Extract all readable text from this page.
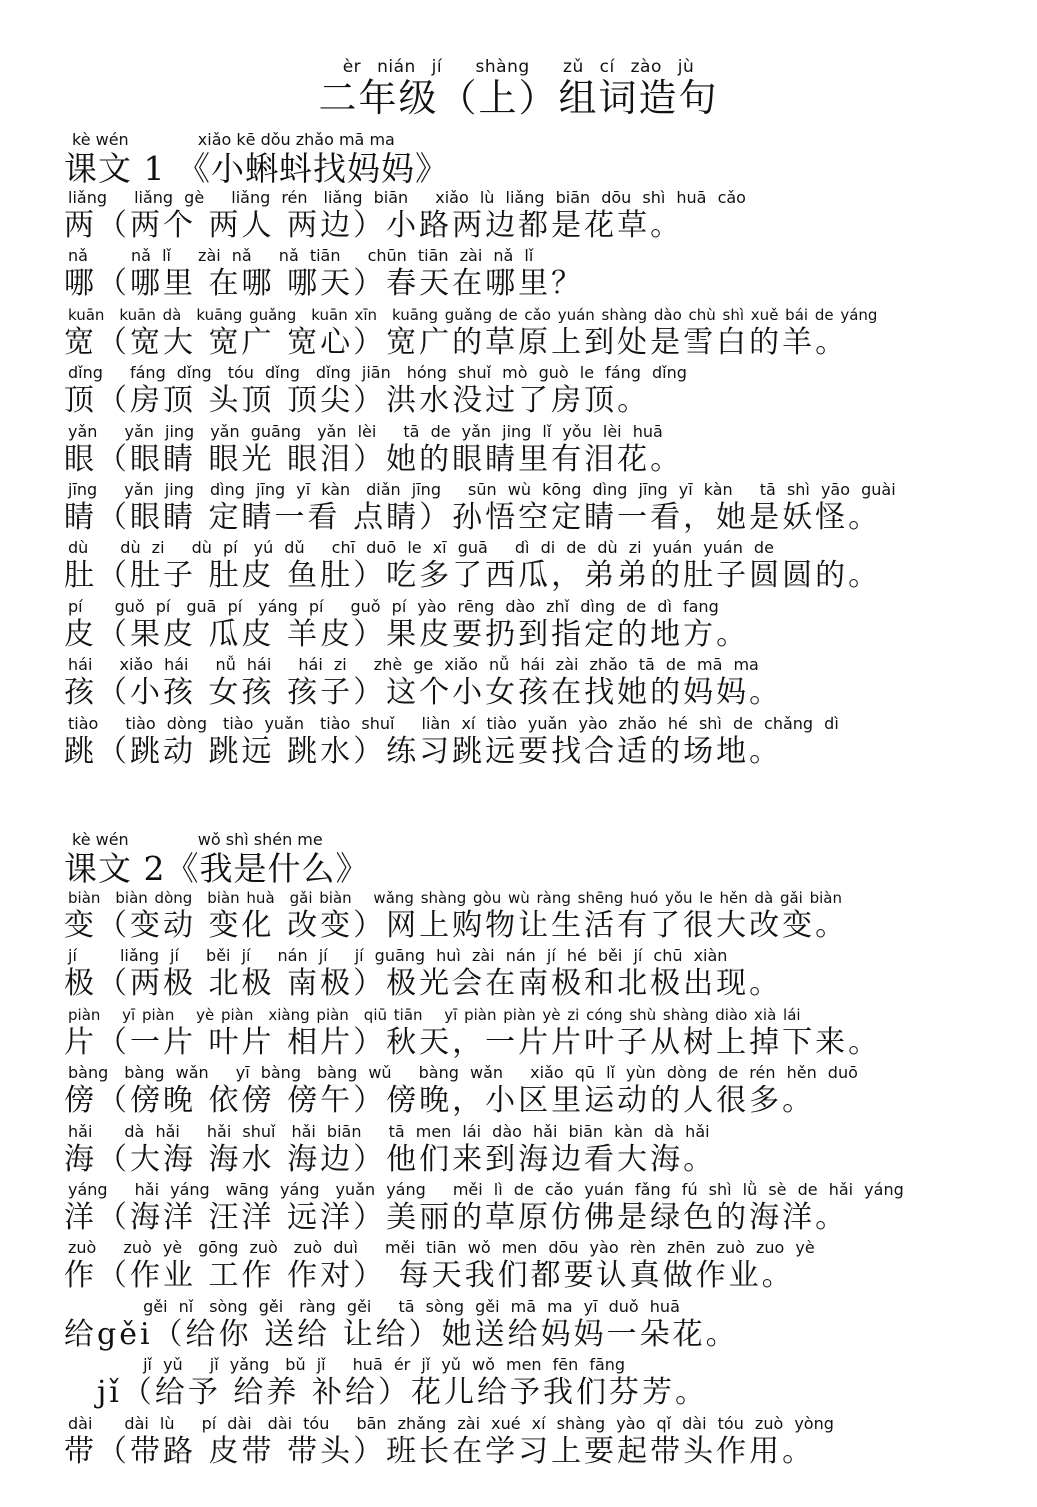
èr nián jí　 shàng　 zǔ cí zào jù
二年级（上）组词造句
kè wén　　　　 xiǎo kē dǒu zhǎo mā ma
课文 1 《小蝌蚪找妈妈》
liǎng　 liǎng gè　 liǎng rén　liǎng biān　 xiǎo lù liǎng biān dōu shì huā cǎo
两（两个 两人 两边）小路两边都是花草。
nǎ　　 nǎ lǐ　 zài nǎ　 nǎ tiān　 chūn tiān zài nǎ lǐ
哪（哪里 在哪 哪天）春天在哪里？
kuān　kuān dà　kuāng guǎng　kuān xīn　kuāng guǎng de cǎo yuán shàng dào chù shì xuě bái de yáng
宽（宽大 宽广 宽心）宽广的草原上到处是雪白的羊。
dǐng　 fáng dǐng　tóu dǐng　dǐng jiān　hóng shuǐ mò guò le fáng dǐng
顶（房顶 头顶 顶尖）洪水没过了房顶。
yǎn　 yǎn jing　yǎn guāng　yǎn lèi　 tā de yǎn jing lǐ yǒu lèi huā
眼（眼睛 眼光 眼泪）她的眼睛里有泪花。
jīng　 yǎn jing　dìng jīng yī kàn　diǎn jīng　 sūn wù kōng dìng jīng yī kàn　 tā shì yāo guài
睛（眼睛 定睛一看 点睛）孙悟空定睛一看，她是妖怪。
dù　　dù zi　 dù pí　yú dǔ　 chī duō le xī guā　 dì di de dù zi yuán yuán de
肚（肚子 肚皮 鱼肚）吃多了西瓜，弟弟的肚子圆圆的。
pí　　guǒ pí　guā pí　yáng pí　 guǒ pí yào rēng dào zhǐ dìng de dì fang
皮（果皮 瓜皮 羊皮）果皮要扔到指定的地方。
hái　 xiǎo hái　 nǚ hái　 hái zi　 zhè ge xiǎo nǚ hái zài zhǎo tā de mā ma
孩（小孩 女孩 孩子）这个小女孩在找她的妈妈。
tiào　 tiào dòng　tiào yuǎn　tiào shuǐ　 liàn xí tiào yuǎn yào zhǎo hé shì de chǎng dì
跳（跳动 跳远 跳水）练习跳远要找合适的场地。
kè wén　　　　 wǒ shì shén me
课文 2《我是什么》
biàn　biàn dòng　biàn huà　gǎi biàn　 wǎng shàng gòu wù ràng shēng huó yǒu le hěn dà gǎi biàn
变（变动 变化 改变）网上购物让生活有了很大改变。
jí　　 liǎng jí　 běi jí　 nán jí　 jí guāng huì zài nán jí hé běi jí chū xiàn
极（两极 北极 南极）极光会在南极和北极出现。
piàn　 yī piàn　 yè piàn　xiàng piàn　qiū tiān　 yī piàn piàn yè zi cóng shù shàng diào xià lái
片（一片 叶片 相片）秋天，一片片叶子从树上掉下来。
bàng　bàng wǎn　 yī bàng　bàng wǔ　 bàng wǎn　 xiǎo qū lǐ yùn dòng de rén hěn duō
傍（傍晚 依傍 傍午）傍晚，小区里运动的人很多。
hǎi　　dà hǎi　 hǎi shuǐ　hǎi biān　 tā men lái dào hǎi biān kàn dà hǎi
海（大海 海水 海边）他们来到海边看大海。
yáng　 hǎi yáng　wāng yáng　yuǎn yáng　 měi lì de cǎo yuán fǎng fú shì lǜ sè de hǎi yáng
洋（海洋 汪洋 远洋）美丽的草原仿佛是绿色的海洋。
zuò　 zuò yè　gōng zuò　zuò duì　 měi tiān wǒ men dōu yào rèn zhēn zuò zuo yè
作（作业 工作 作对） 每天我们都要认真做作业。
　　　　 gěi nǐ　sòng gěi　ràng gěi　 tā sòng gěi mā ma yī duǒ huā
给gěi（给你 送给 让给）她送给妈妈一朵花。
　　　　 jǐ yǔ　 jǐ yǎng　bǔ jǐ　 huā ér jǐ yǔ wǒ men fēn fāng
　jǐ（给予 给养 补给）花儿给予我们芬芳。
dài　　dài lù　 pí dài　dài tóu　 bān zhǎng zài xué xí shàng yào qǐ dài tóu zuò yòng
带（带路 皮带 带头）班长在学习上要起带头作用。
